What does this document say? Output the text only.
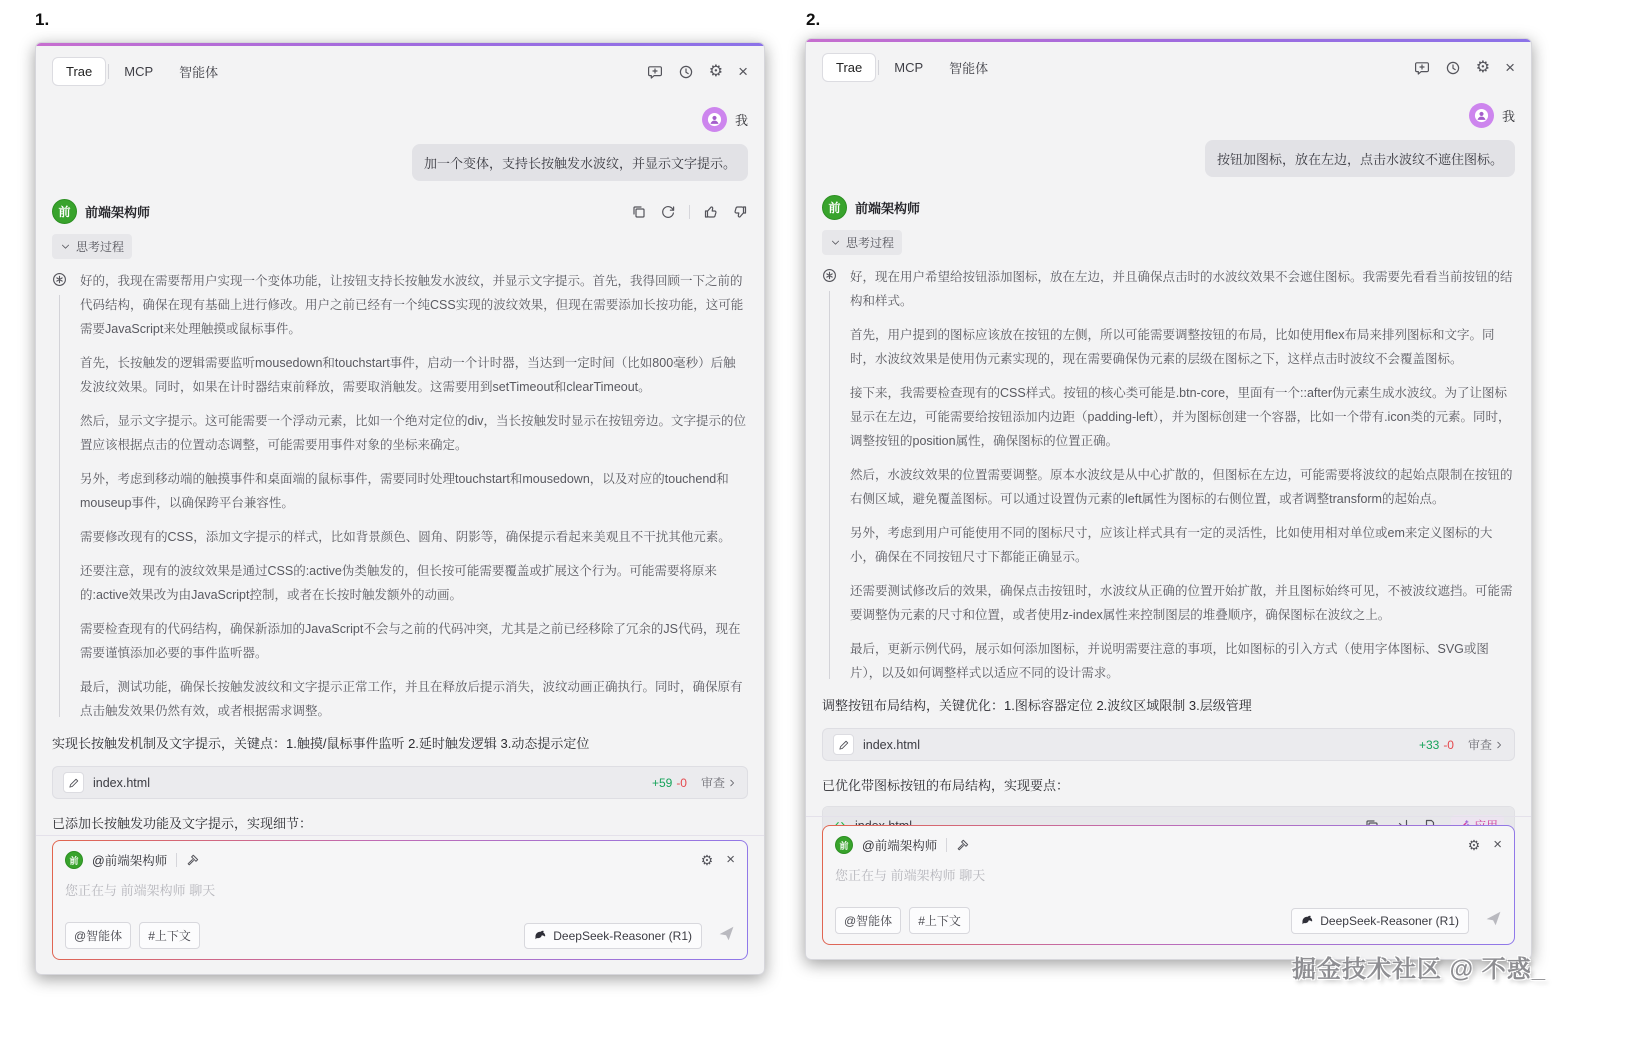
1.
Trae	MCP	智能体	⚙ ×
我
加一个变体，支持长按触发水波纹，并显示文字提示。
前	前端架构师
思考过程

好的，我现在需要帮用户实现一个变体功能，让按钮支持长按触发水波纹，并显示文字提示。首先，我得回顾一下之前的代码结构，确保在现有基础上进行修改。用户之前已经有一个纯CSS实现的波纹效果，但现在需要添加长按功能，这可能需要JavaScript来处理触摸或鼠标事件。

首先，长按触发的逻辑需要监听mousedown和touchstart事件，启动一个计时器，当达到一定时间（比如800毫秒）后触发波纹效果。同时，如果在计时器结束前释放，需要取消触发。这需要用到setTimeout和clearTimeout。

然后，显示文字提示。这可能需要一个浮动元素，比如一个绝对定位的div，当长按触发时显示在按钮旁边。文字提示的位置应该根据点击的位置动态调整，可能需要用事件对象的坐标来确定。

另外，考虑到移动端的触摸事件和桌面端的鼠标事件，需要同时处理touchstart和mousedown，以及对应的touchend和mouseup事件，以确保跨平台兼容性。

需要修改现有的CSS，添加文字提示的样式，比如背景颜色、圆角、阴影等，确保提示看起来美观且不干扰其他元素。

还要注意，现有的波纹效果是通过CSS的:active伪类触发的，但长按可能需要覆盖或扩展这个行为。可能需要将原来的:active效果改为由JavaScript控制，或者在长按时触发额外的动画。

需要检查现有的代码结构，确保新添加的JavaScript不会与之前的代码冲突，尤其是之前已经移除了冗余的JS代码，现在需要谨慎添加必要的事件监听器。

最后，测试功能，确保长按触发波纹和文字提示正常工作，并且在释放后提示消失，波纹动画正确执行。同时，确保原有点击触发效果仍然有效，或者根据需求调整。

实现长按触发机制及文字提示，关键点：1.触摸/鼠标事件监听 2.延时触发逻辑 3.动态提示定位
index.html	+59 -0 审查
已添加长按触发功能及文字提示，实现细节：
前	@前端架构师	⚙ ×
您正在与 前端架构师 聊天
@智能体	#上下文	DeepSeek-Reasoner (R1)
2.
Trae	MCP	智能体	⚙ ×
我
按钮加图标，放在左边，点击水波纹不遮住图标。
前	前端架构师
思考过程

好，现在用户希望给按钮添加图标，放在左边，并且确保点击时的水波纹效果不会遮住图标。我需要先看看当前按钮的结构和样式。

首先，用户提到的图标应该放在按钮的左侧，所以可能需要调整按钮的布局，比如使用flex布局来排列图标和文字。同时，水波纹效果是使用伪元素实现的，现在需要确保伪元素的层级在图标之下，这样点击时波纹不会覆盖图标。

接下来，我需要检查现有的CSS样式。按钮的核心类可能是.btn-core，里面有一个::after伪元素生成水波纹。为了让图标显示在左边，可能需要给按钮添加内边距（padding-left），并为图标创建一个容器，比如一个带有.icon类的元素。同时，调整按钮的position属性，确保图标的位置正确。

然后，水波纹效果的位置需要调整。原本水波纹是从中心扩散的，但图标在左边，可能需要将波纹的起始点限制在按钮的右侧区域，避免覆盖图标。可以通过设置伪元素的left属性为图标的右侧位置，或者调整transform的起始点。

另外，考虑到用户可能使用不同的图标尺寸，应该让样式具有一定的灵活性，比如使用相对单位或em来定义图标的大小，确保在不同按钮尺寸下都能正确显示。

还需要测试修改后的效果，确保点击按钮时，水波纹从正确的位置开始扩散，并且图标始终可见，不被波纹遮挡。可能需要调整伪元素的尺寸和位置，或者使用z-index属性来控制图层的堆叠顺序，确保图标在波纹之上。

最后，更新示例代码，展示如何添加图标，并说明需要注意的事项，比如图标的引入方式（使用字体图标、SVG或图片），以及如何调整样式以适应不同的设计需求。

调整按钮布局结构，关键优化：1.图标容器定位 2.波纹区域限制 3.层级管理
index.html	+33 -0 审查
已优化带图标按钮的布局结构，实现要点：
前	@前端架构师	⚙ ×
您正在与 前端架构师 聊天
@智能体	#上下文	DeepSeek-Reasoner (R1)
掘金技术社区 @ 不惑_
